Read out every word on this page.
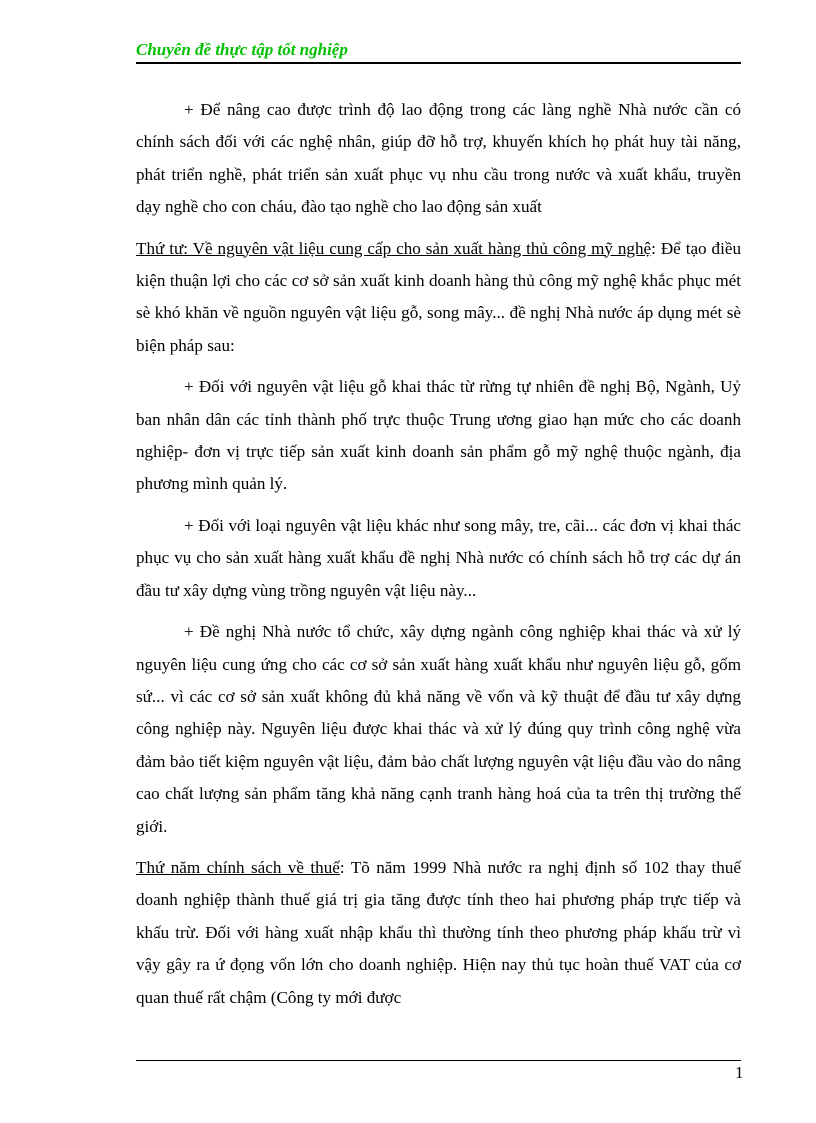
Chuyên đề thực tập tốt nghiệp

+ Để nâng cao được trình độ lao động trong các làng nghề Nhà nước cần có chính sách đối với các nghệ nhân, giúp đỡ hỗ trợ, khuyến khích họ phát huy tài năng, phát triển nghề, phát triển sản xuất phục vụ nhu cầu trong nước và xuất khẩu, truyền dạy nghề cho con cháu, đào tạo nghề cho lao động sản xuất

Thứ tư: Về nguyên vật liệu cung cấp cho sản xuất hàng thủ công mỹ nghệ: Để tạo điều kiện thuận lợi cho các cơ sở sản xuất kinh doanh hàng thủ công mỹ nghệ khắc phục mét sè khó khăn về nguồn nguyên vật liệu gỗ, song mây... đề nghị Nhà nước áp dụng mét sè biện pháp sau:

+ Đối với nguyên vật liệu gỗ khai thác từ rừng tự nhiên đề nghị Bộ, Ngành, Uỷ ban nhân dân các tỉnh thành phố trực thuộc Trung ương giao hạn mức cho các doanh nghiệp- đơn vị trực tiếp sản xuất kinh doanh sản phẩm gỗ mỹ nghệ thuộc ngành, địa phương mình quản lý.

+ Đối với loại nguyên vật liệu khác như song mây, tre, cãi... các đơn vị khai thác phục vụ cho sản xuất hàng xuất khẩu đề nghị Nhà nước có chính sách hỗ trợ các dự án đầu tư xây dựng vùng trồng nguyên vật liệu này...

+ Đề nghị Nhà nước tổ chức, xây dựng ngành công nghiệp khai thác và xử lý nguyên liệu cung ứng cho các cơ sở sản xuất hàng xuất khẩu như nguyên liệu gỗ, gốm sứ... vì các cơ sở sản xuất không đủ khả năng về vốn và kỹ thuật để đầu tư xây dựng công nghiệp này. Nguyên liệu được khai thác và xử lý đúng quy trình công nghệ vừa đảm bảo tiết kiệm nguyên vật liệu, đảm bảo chất lượng nguyên vật liệu đầu vào do nâng cao chất lượng sản phẩm tăng khả năng cạnh tranh hàng hoá của ta trên thị trường thế giới.

Thứ năm chính sách về thuế: Tõ năm 1999 Nhà nước ra nghị định số 102 thay thuế doanh nghiệp thành thuế giá trị gia tăng được tính theo hai phương pháp trực tiếp và khấu trừ. Đối với hàng xuất nhập khẩu thì thường tính theo phương pháp khấu trừ vì vậy gây ra ứ đọng vốn lớn cho doanh nghiệp. Hiện nay thủ tục hoàn thuế VAT của cơ quan thuế rất chậm (Công ty mới được

1
